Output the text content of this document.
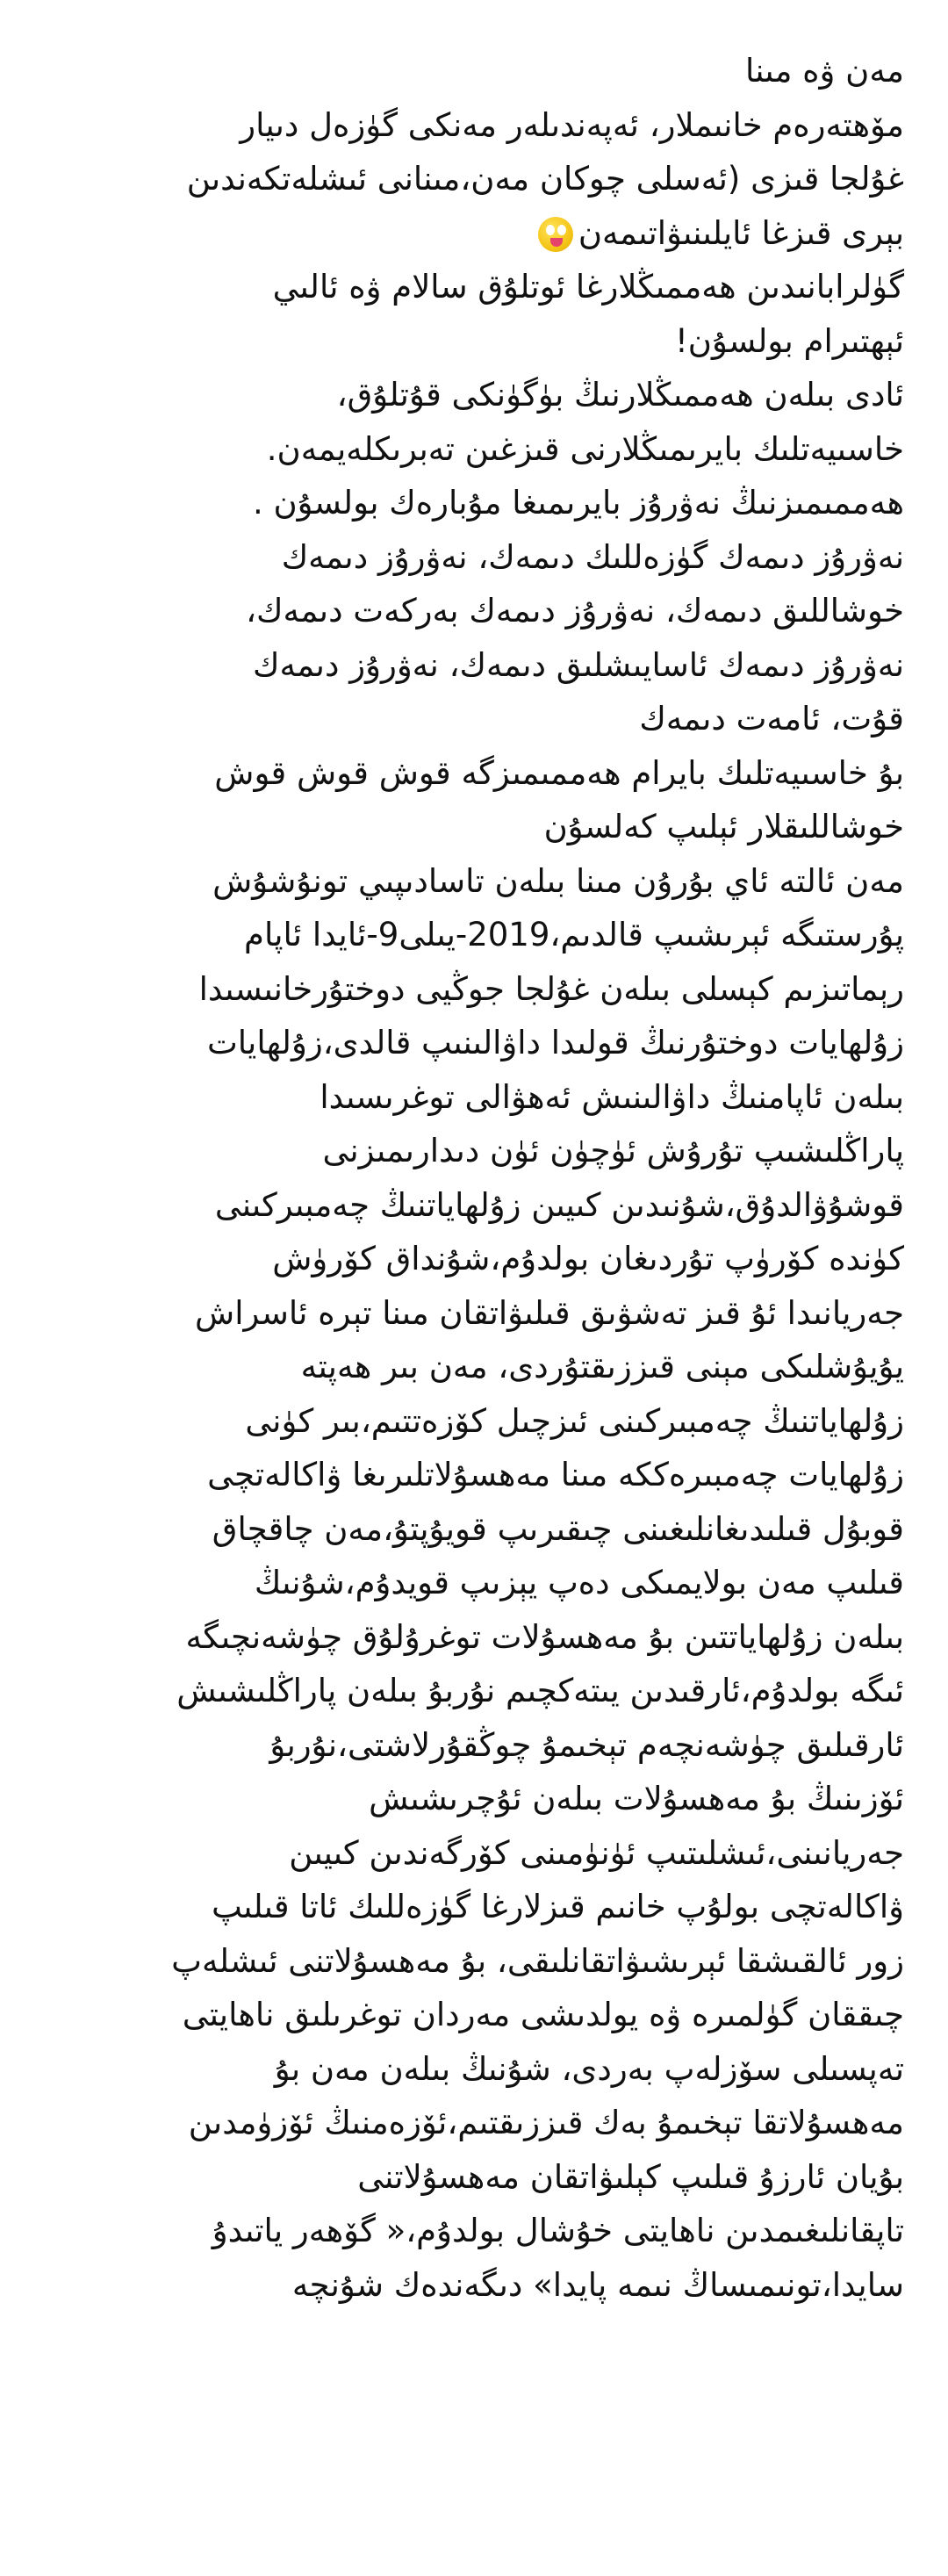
مەن ۋە مىنا
مۆھتەرەم خانىملار، ئەپەندىلەر مەنكى گۈزەل دىيار
غۇلجا قىزى (ئەسلى چوكان مەن،مىنانى ئىشلەتكەندىن
بېرى قىزغا ئايلىنىۋاتىمەن
گۈلرابانىدىن ھەممىڭلارغا ئوتلۇق سالام ۋە ئالىي
ئېھتىرام بولسۇن!
ئادى بىلەن ھەممىڭلارنىڭ بۈگۈنكى قۇتلۇق،
خاسىيەتلىك بايرىمىڭلارنى قىزغىن تەبرىكلەيمەن.
ھەممىمىزنىڭ نەۋرۇز بايرىمىغا مۇبارەك بولسۇن .
نەۋرۇز دىمەك گۈزەللىك دىمەك، نەۋرۇز دىمەك
خوشاللىق دىمەك، نەۋرۇز دىمەك بەركەت دىمەك،
نەۋرۇز دىمەك ئاسايىشلىق دىمەك، نەۋرۇز دىمەك
قۇت، ئامەت دىمەك
بۇ خاسىيەتلىك بايرام ھەممىمىزگە قوش قوش قوش
خوشاللىقلار ئېلىپ كەلسۇن
مەن ئالتە ئاي بۇرۇن مىنا بىلەن تاسادىپىي تونۇشۇش
پۇرستىگە ئېرىشىپ قالدىم،2019-يىلى9-ئايدا ئاپام
رېماتىزىم كېسلى بىلەن غۇلجا جوڭيى دوختۇرخانىسىدا
زۇلھايات دوختۇرنىڭ قولىدا داۋالىنىپ قالدى،زۇلھايات
بىلەن ئاپامنىڭ داۋالىنىش ئەھۋالى توغرىسىدا
پاراڭلىشىپ تۇرۇش ئۈچۈن ئۈن دىدارىمىزنى
قوشۇۋالدۇق،شۇنىدىن كىيىن زۇلھاياتنىڭ چەمبىركىنى
كۈندە كۆرۈپ تۇردىغان بولدۇم،شۇنداق كۆرۈش
جەريانىدا ئۇ قىز تەشۋىق قىلىۋاتقان مىنا تېرە ئاسراش
يۇيۇشلىكى مېنى قىززىقتۇردى، مەن بىر ھەپتە
زۇلھاياتنىڭ چەمبىركىنى ئىزچىل كۆزەتتىم،بىر كۈنى
زۇلھايات چەمبىرەككە مىنا مەھسۇلاتلىرىغا ۋاكالەتچى
قوبۇل قىلىدىغانلىغىنى چىقىرىپ قويۇپتۇ،مەن چاقچاق
قىلىپ مەن بولايمىكى دەپ يېزىپ قويدۇم،شۇنىڭ
بىلەن زۇلھاياتتىن بۇ مەھسۇلات توغرۇلۇق چۈشەنچىگە
ئىگە بولدۇم،ئارقىدىن يىتەكچىم نۇربۇ بىلەن پاراڭلىشىش
ئارقىلىق چۈشەنچەم تېخىمۇ چوڭقۇرلاشتى،نۇربۇ
ئۆزىنىڭ بۇ مەھسۇلات بىلەن ئۇچرىشىش
جەريانىنى،ئىشلىتىپ ئۈنۈمىنى كۆرگەندىن كىيىن
ۋاكالەتچى بولۇپ خانىم قىزلارغا گۈزەللىك ئاتا قىلىپ
زور ئالقىشقا ئېرىشىۋاتقانلىقى، بۇ مەھسۇلاتنى ئىشلەپ
چىققان گۈلمىرە ۋە يولدىشى مەردان توغرىلىق ناھايتى
تەپسىلى سۆزلەپ بەردى، شۇنىڭ بىلەن مەن بۇ
مەھسۇلاتقا تېخىمۇ بەك قىززىقتىم،ئۆزەمنىڭ ئۆزۈمدىن
بۇيان ئارزۇ قىلىپ كېلىۋاتقان مەھسۇلاتنى
تاپقانلىغىمدىن ناھايتى خۇشال بولدۇم،« گۆھەر ياتىدۇ
سايدا،تونىمىساڭ نىمە پايدا» دىگەندەك شۇنچە
